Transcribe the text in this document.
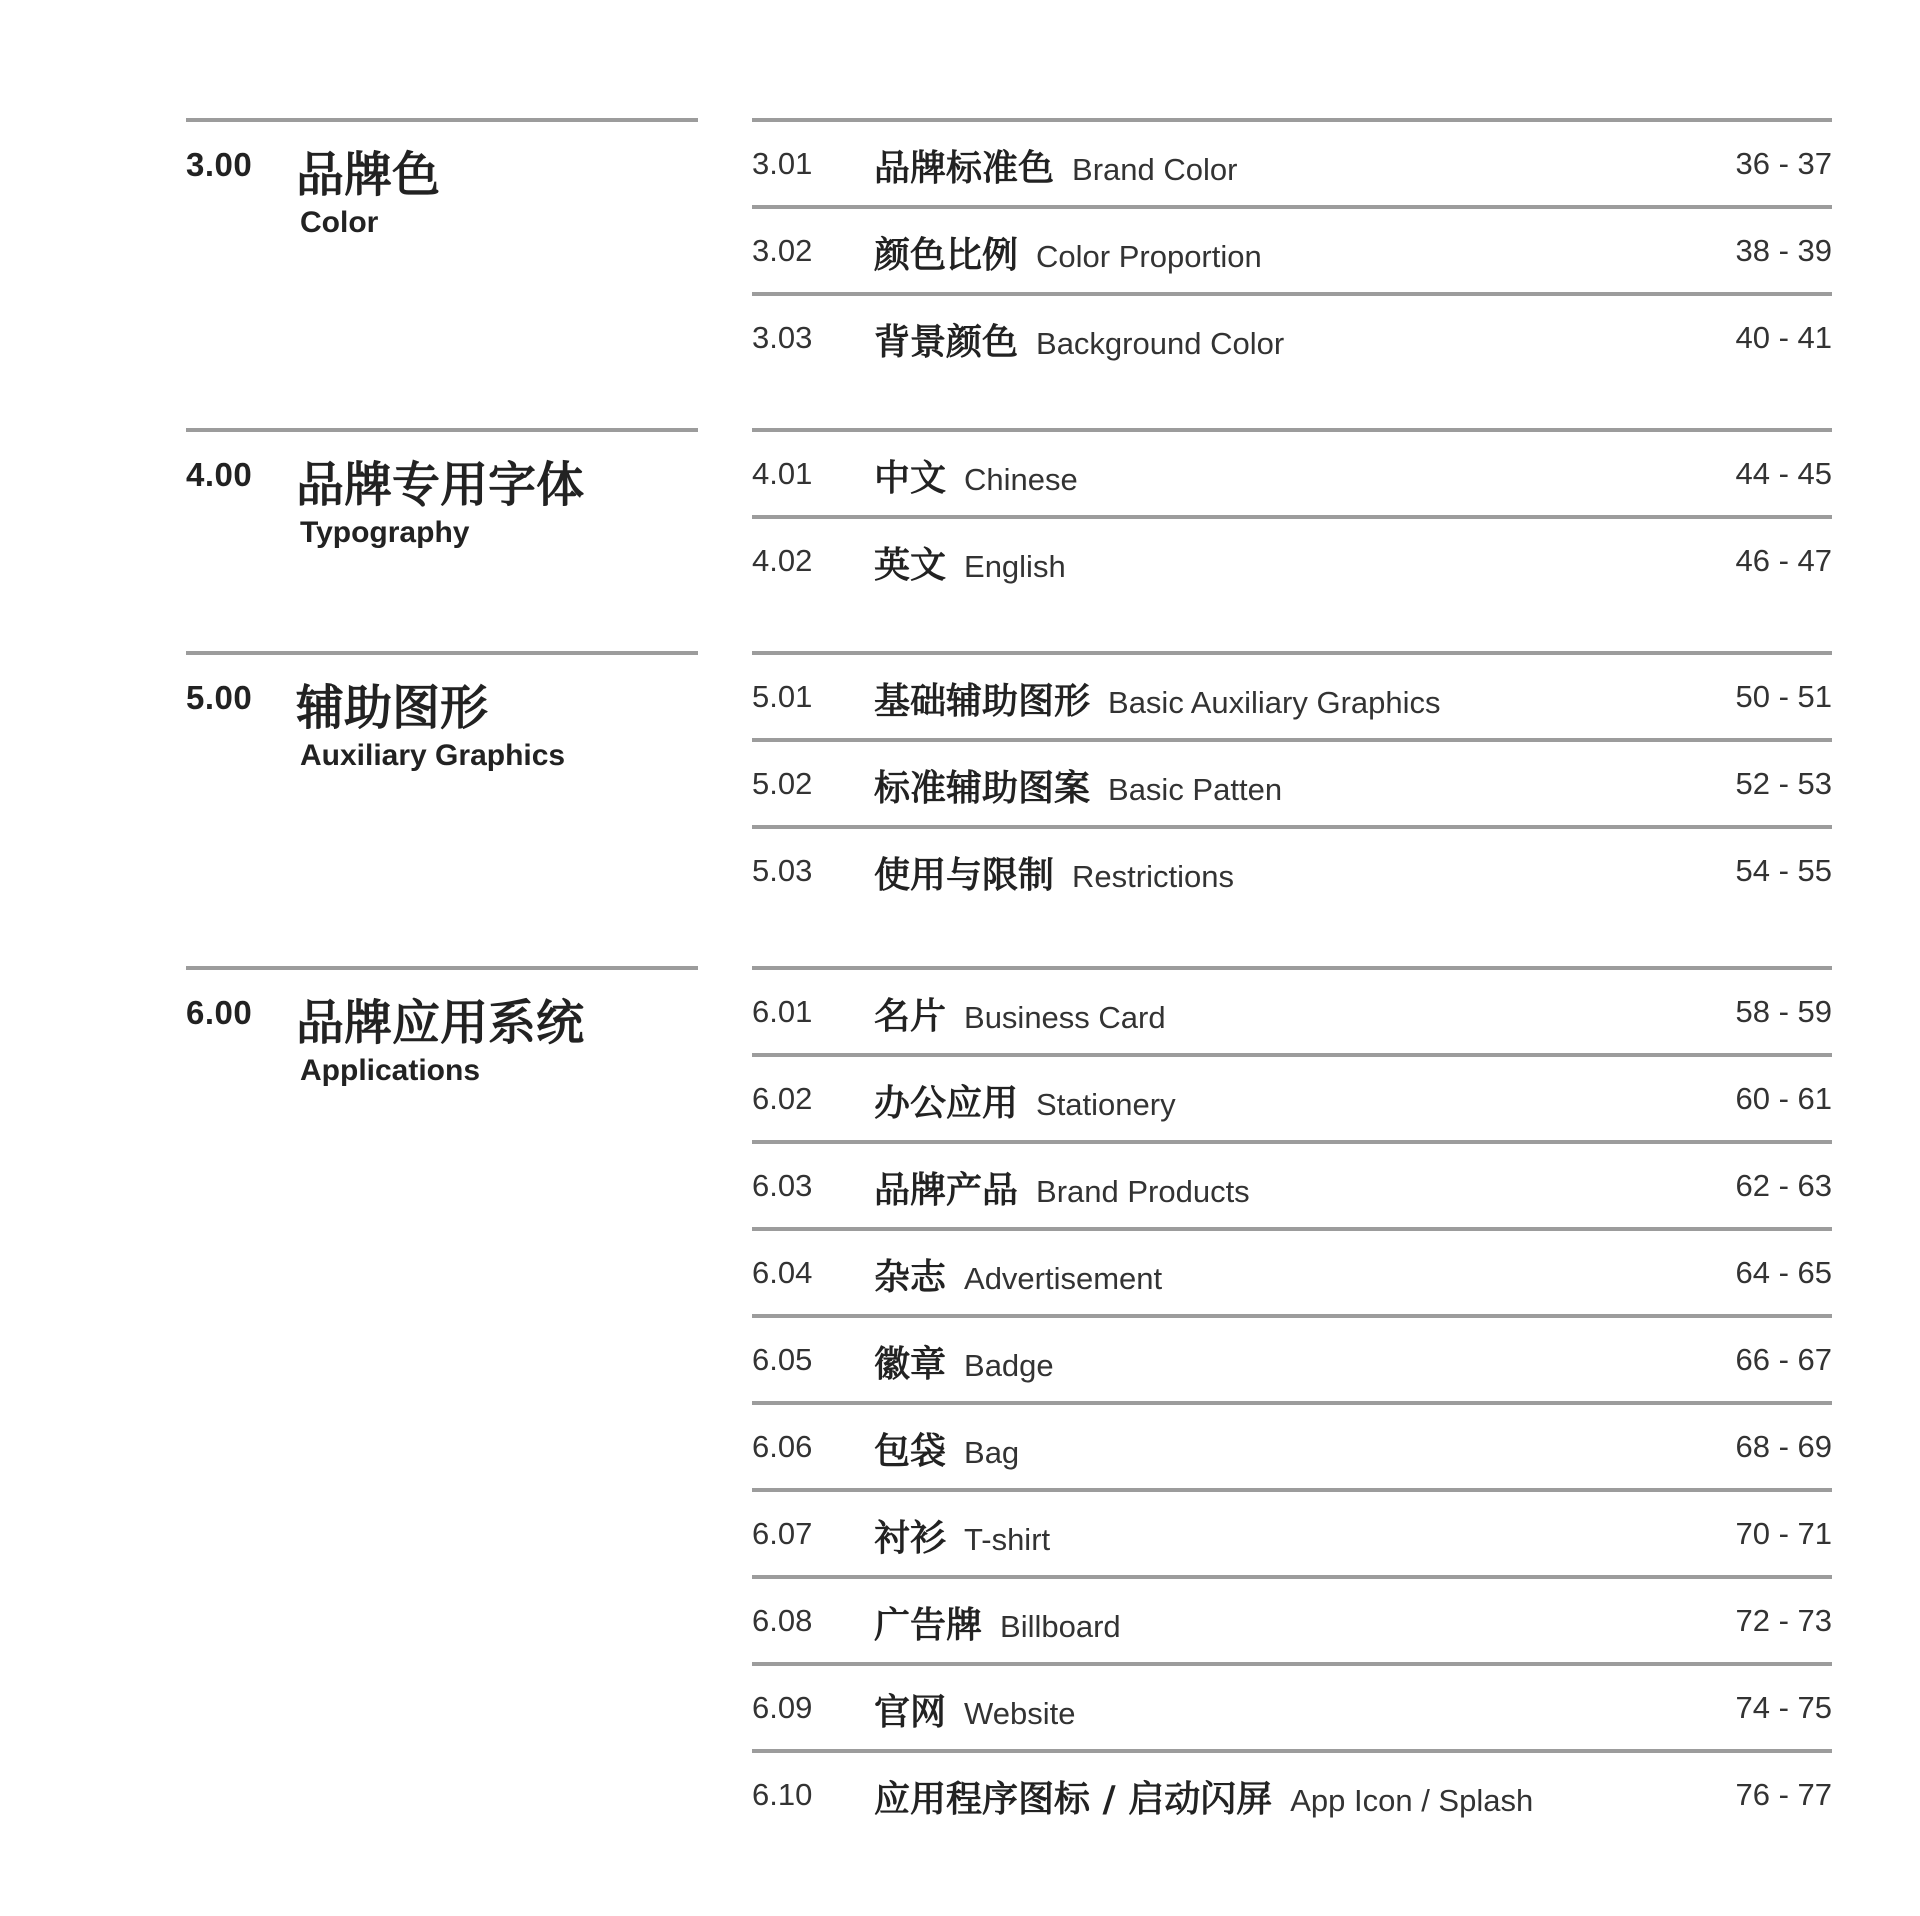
3.00 品牌色
Color
3.01 品牌标准色 Brand Color	36 - 37
3.02 颜色比例 Color Proportion	38 - 39
3.03 背景颜色 Background Color	40 - 41
4.00 品牌专用字体
Typography
4.01 中文 Chinese	44 - 45
4.02 英文 English	46 - 47
5.00 辅助图形
Auxiliary Graphics
5.01 基础辅助图形 Basic Auxiliary Graphics	50 - 51
5.02 标准辅助图案 Basic Patten	52 - 53
5.03 使用与限制 Restrictions	54 - 55
6.00 品牌应用系统
Applications
6.01 名片 Business Card	58 - 59
6.02 办公应用 Stationery	60 - 61
6.03 品牌产品 Brand Products	62 - 63
6.04 杂志 Advertisement	64 - 65
6.05 徽章 Badge	66 - 67
6.06 包袋 Bag	68 - 69
6.07 衬衫 T-shirt	70 - 71
6.08 广告牌 Billboard	72 - 73
6.09 官网 Website	74 - 75
6.10 应用程序图标 / 启动闪屏 App Icon / Splash	76 - 77
